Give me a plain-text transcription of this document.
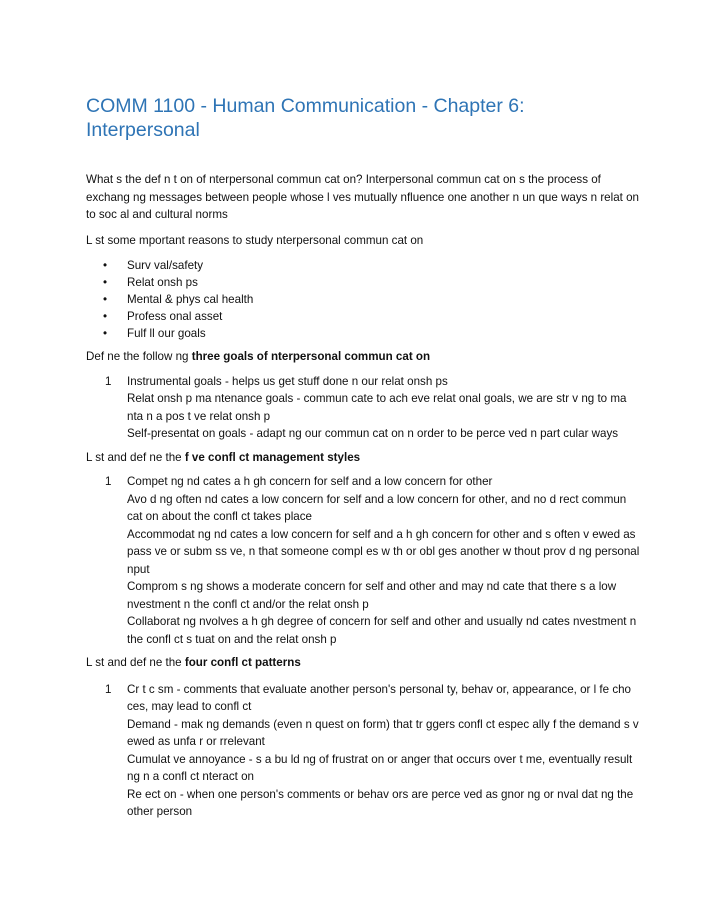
COMM 1100 - Human Communication - Chapter 6: Interpersonal

What s the def n t on of nterpersonal commun cat on? Interpersonal commun cat on s the process of exchang ng messages between people whose l ves mutually nfluence one another n un que ways n relat on to soc al and cultural norms

L st some mportant reasons to study nterpersonal commun cat on

• Surv val/safety
• Relat onsh ps
• Mental & phys cal health
• Profess onal asset
• Fulf ll our goals

Def ne the follow ng three goals of nterpersonal commun cat on

1 Instrumental goals - helps us get stuff done n our relat onsh ps
Relat onsh p ma ntenance goals - commun cate to ach eve relat onal goals, we are str v ng to ma nta n a pos t ve relat onsh p
Self-presentat on goals - adapt ng our commun cat on n order to be perce ved n part cular ways

L st and def ne the f ve confl ct management styles

1 Compet ng nd cates a h gh concern for self and a low concern for other
Avo d ng often nd cates a low concern for self and a low concern for other, and no d rect commun cat on about the confl ct takes place
Accommodat ng nd cates a low concern for self and a h gh concern for other and s often v ewed as pass ve or subm ss ve, n that someone compl es w th or obl ges another w thout prov d ng personal nput
Comprom s ng shows a moderate concern for self and other and may nd cate that there s a low nvestment n the confl ct and/or the relat onsh p
Collaborat ng nvolves a h gh degree of concern for self and other and usually nd cates nvestment n the confl ct s tuat on and the relat onsh p

L st and def ne the four confl ct patterns

1 Cr t c sm - comments that evaluate another person's personal ty, behav or, appearance, or l fe cho ces, may lead to confl ct
Demand - mak ng demands (even n quest on form) that tr ggers confl ct espec ally f the demand s v ewed as unfa r or rrelevant
Cumulat ve annoyance - s a bu ld ng of frustrat on or anger that occurs over t me, eventually result ng n a confl ct nteract on
Re ect on - when one person's comments or behav ors are perce ved as gnor ng or nval dat ng the other person
